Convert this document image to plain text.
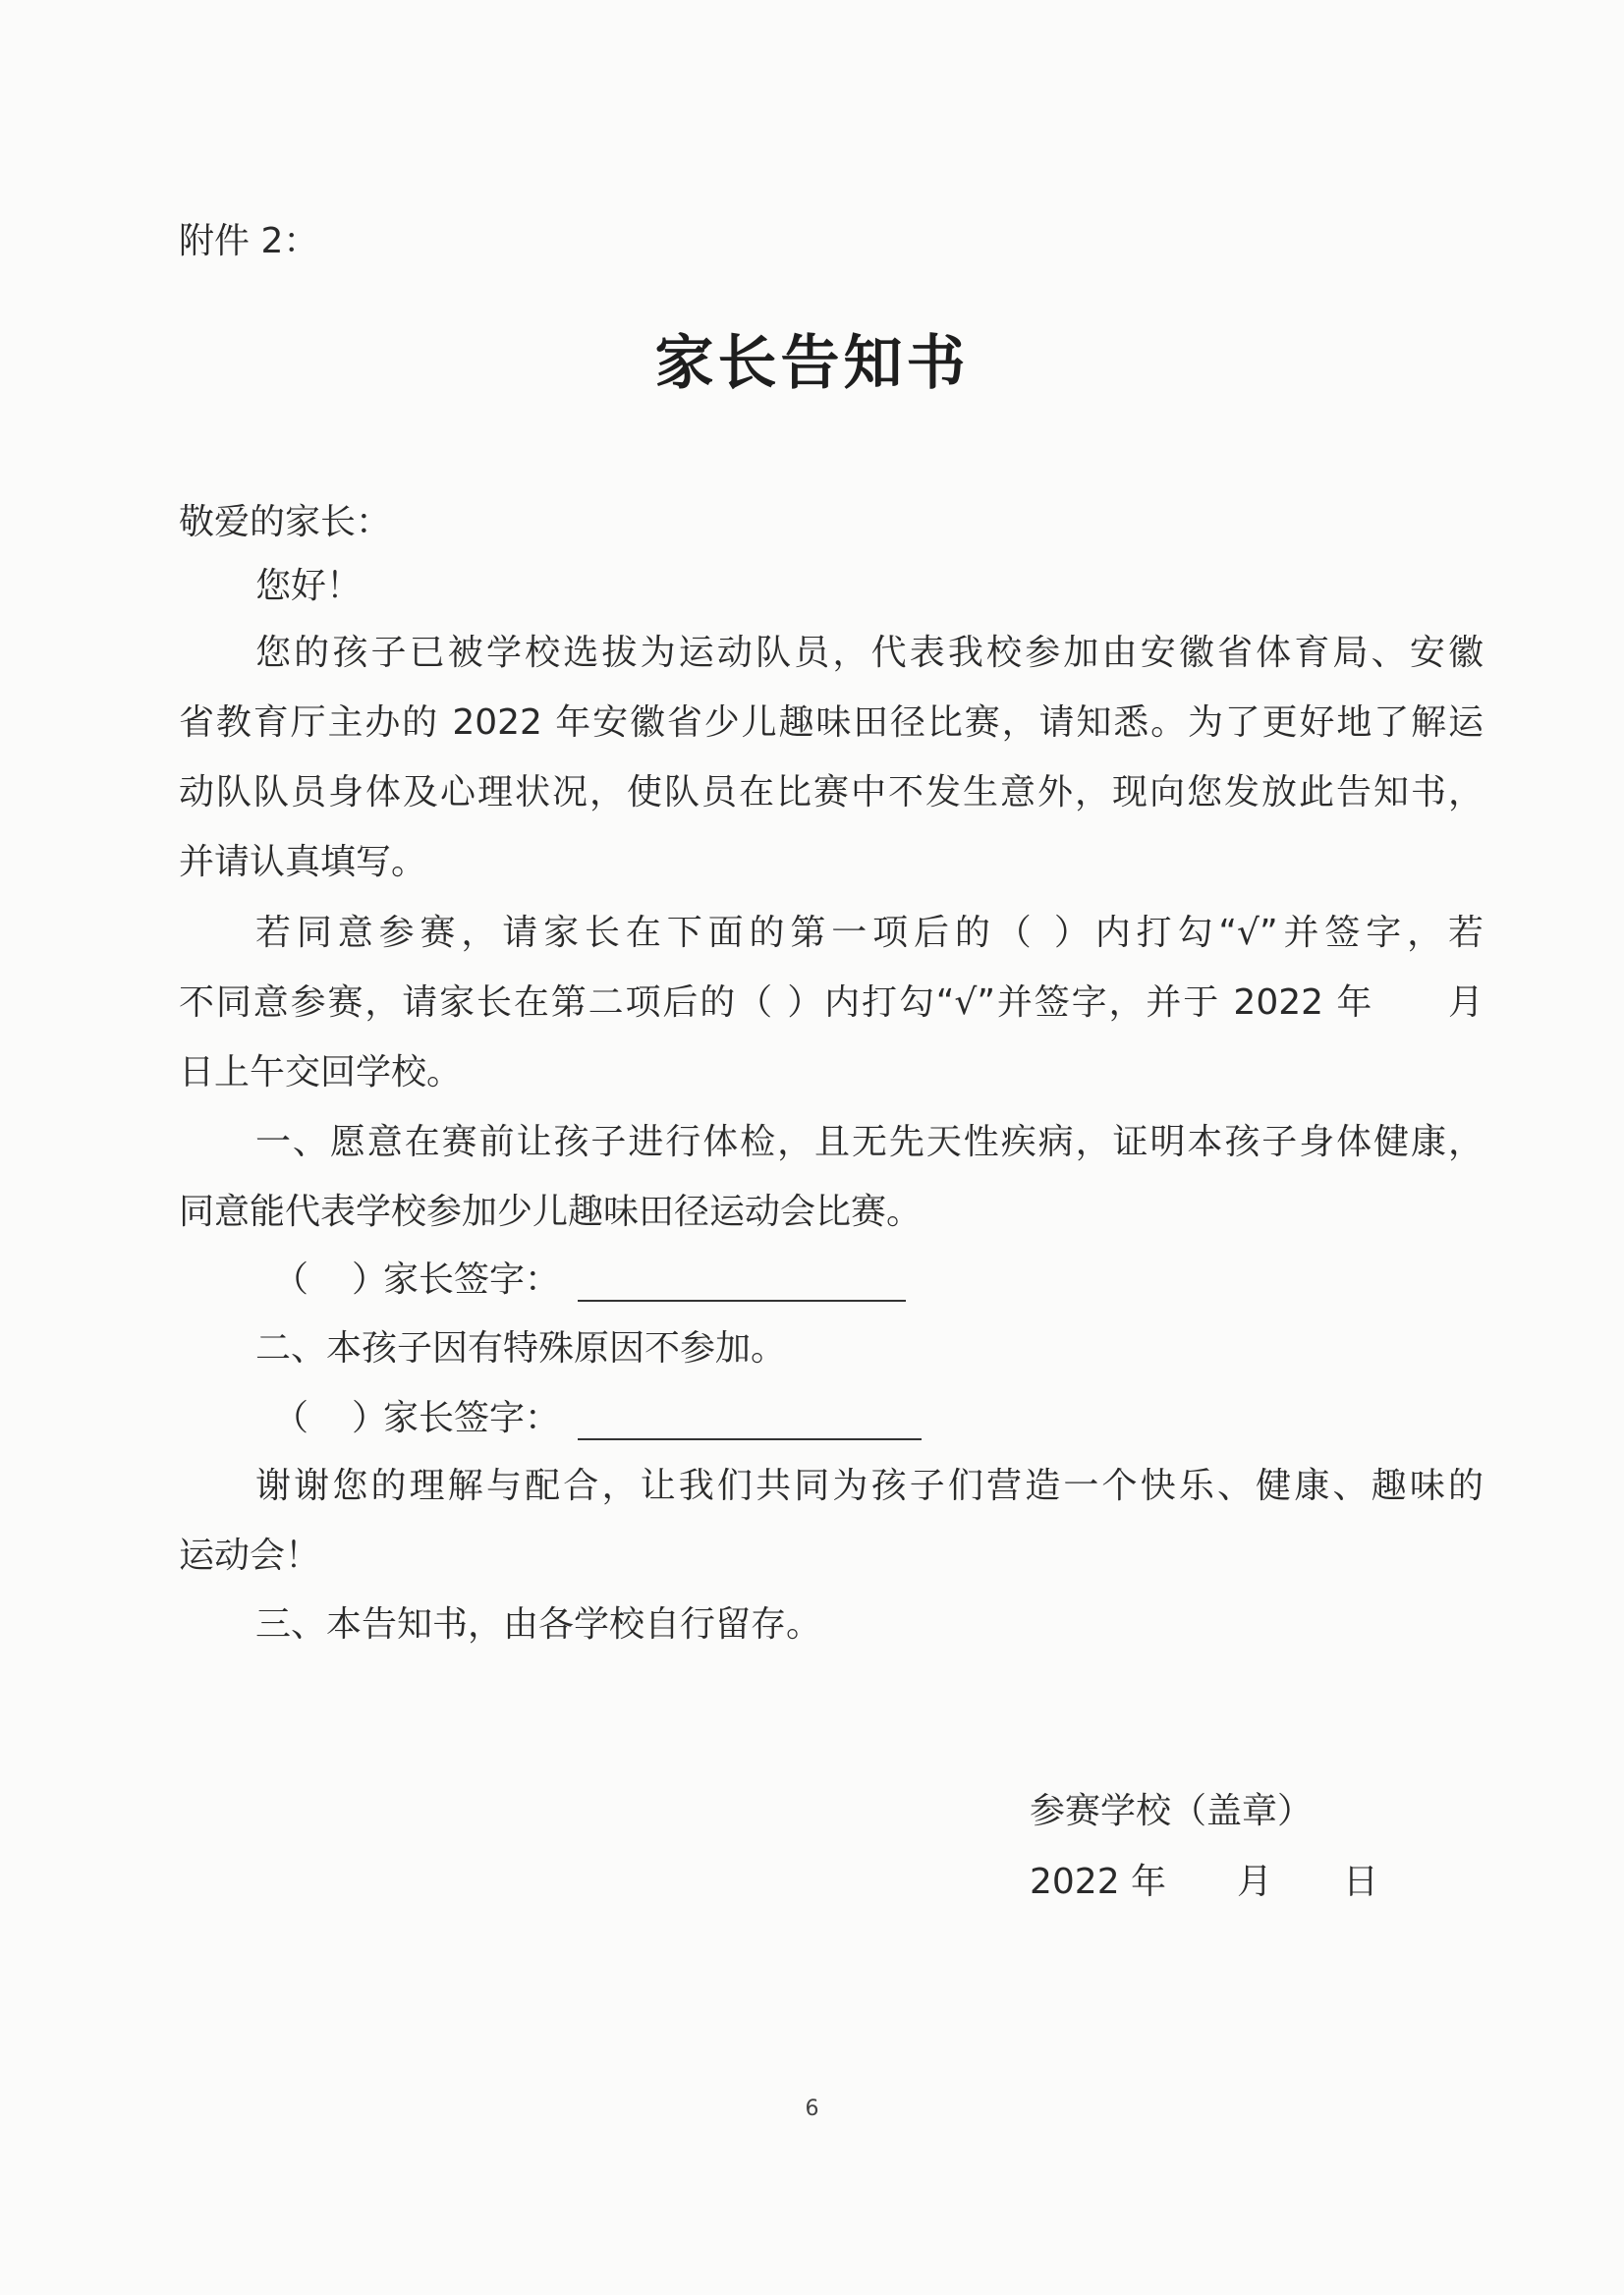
附件 2：
家长告知书
敬爱的家长：
您好！
您的孩子已被学校选拔为运动队员，代表我校参加由安徽省体育局、安徽
省教育厅主办的 2022 年安徽省少儿趣味田径比赛，请知悉。为了更好地了解运
动队队员身体及心理状况，使队员在比赛中不发生意外，现向您发放此告知书，
并请认真填写。
若同意参赛，请家长在下面的第一项后的（ ）内打勾“√”并签字，若
不同意参赛，请家长在第二项后的（ ）内打勾“√”并签字，并于 2022 年　　月
日上午交回学校。
一、愿意在赛前让孩子进行体检，且无先天性疾病，证明本孩子身体健康，
同意能代表学校参加少儿趣味田径运动会比赛。
（	）
家长签字：
二、本孩子因有特殊原因不参加。
（	）
家长签字：
谢谢您的理解与配合，让我们共同为孩子们营造一个快乐、健康、趣味的
运动会！
三、本告知书，由各学校自行留存。
参赛学校（盖章）
2022 年　　月　　日
6
